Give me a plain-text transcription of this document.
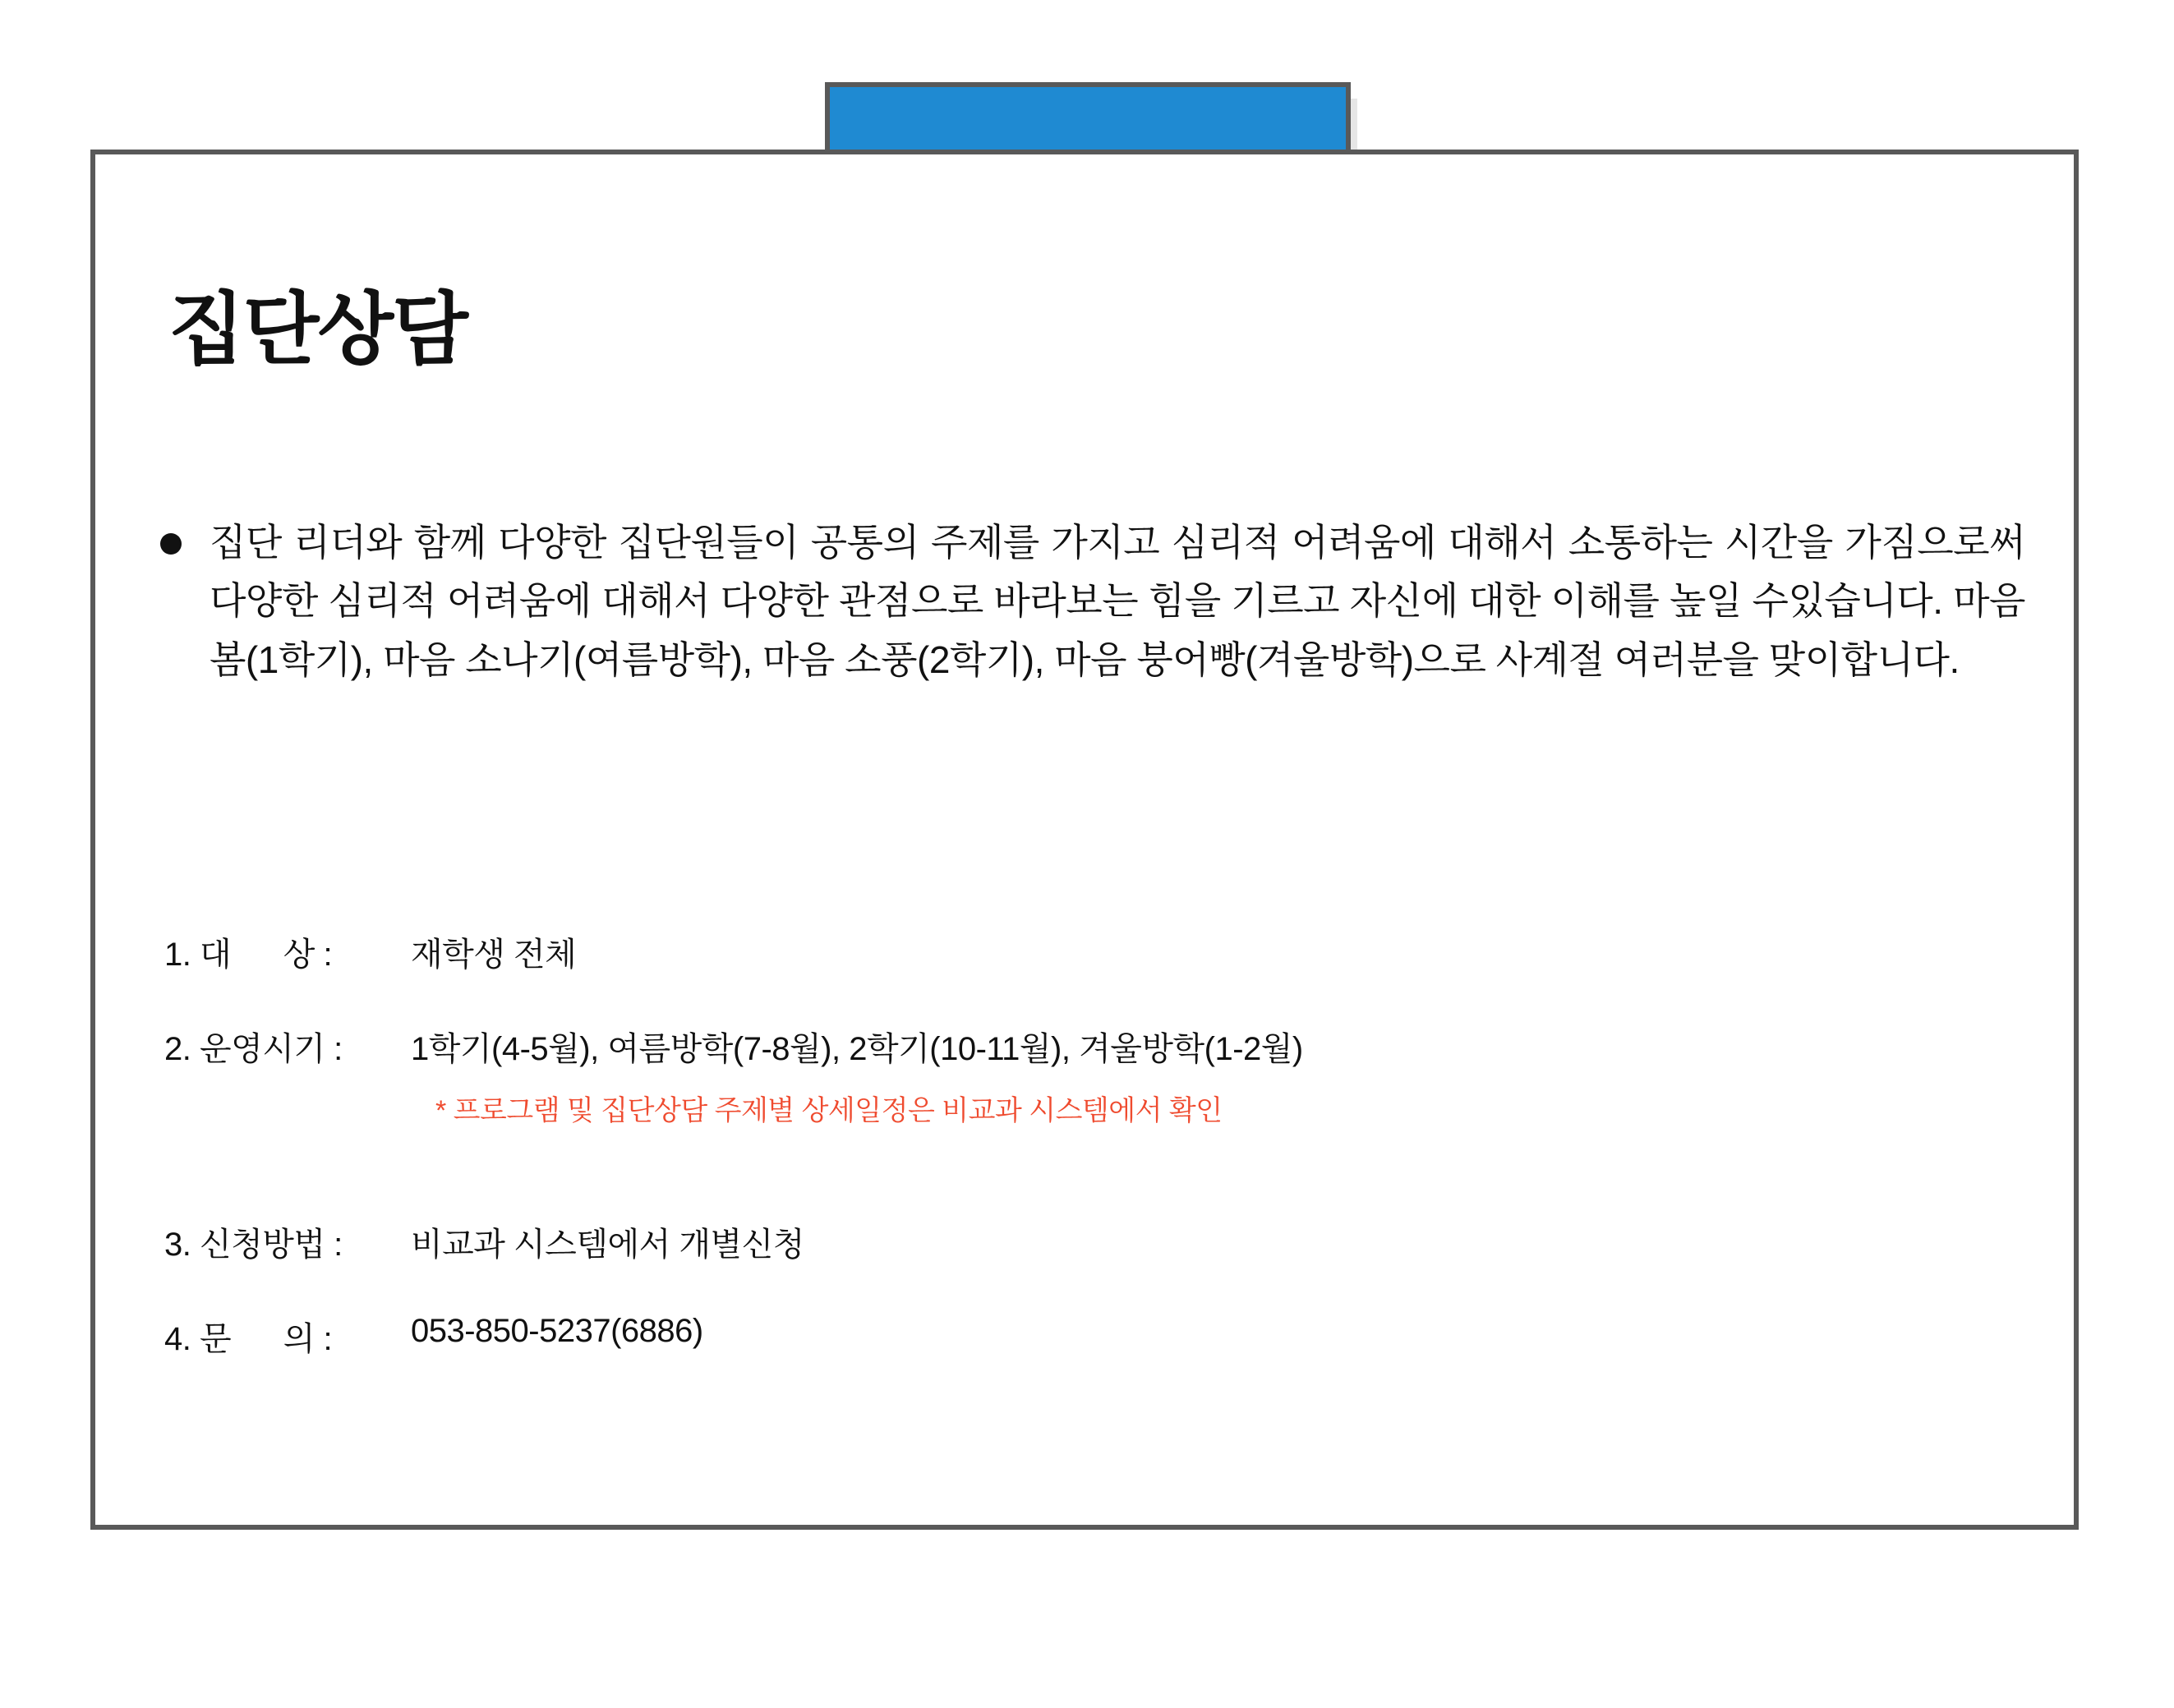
집단상담
집단 리더와 함께 다양한 집단원들이 공통의 주제를 가지고 심리적 어려움에 대해서 소통하는 시간을 가짐으로써 다양한 심리적 어려움에 대해서 다양한 관점으로 바라보는 힘을 기르고 자신에 대한 이해를 높일 수있습니다. 마음 봄(1학기), 마음 소나기(여름방학), 마음 소풍(2학기), 마음 붕어빵(겨울방학)으로 사계절 여러분을 맞이합니다.
1. 대      상 :	재학생 전체
2. 운영시기 :	1학기(4-5월), 여름방학(7-8월), 2학기(10-11월), 겨울방학(1-2월)
* 프로그램 및 집단상담 주제별 상세일정은 비교과 시스템에서 확인
3. 신청방법 :	비교과 시스템에서 개별신청
4. 문      의 :	053-850-5237(6886)
